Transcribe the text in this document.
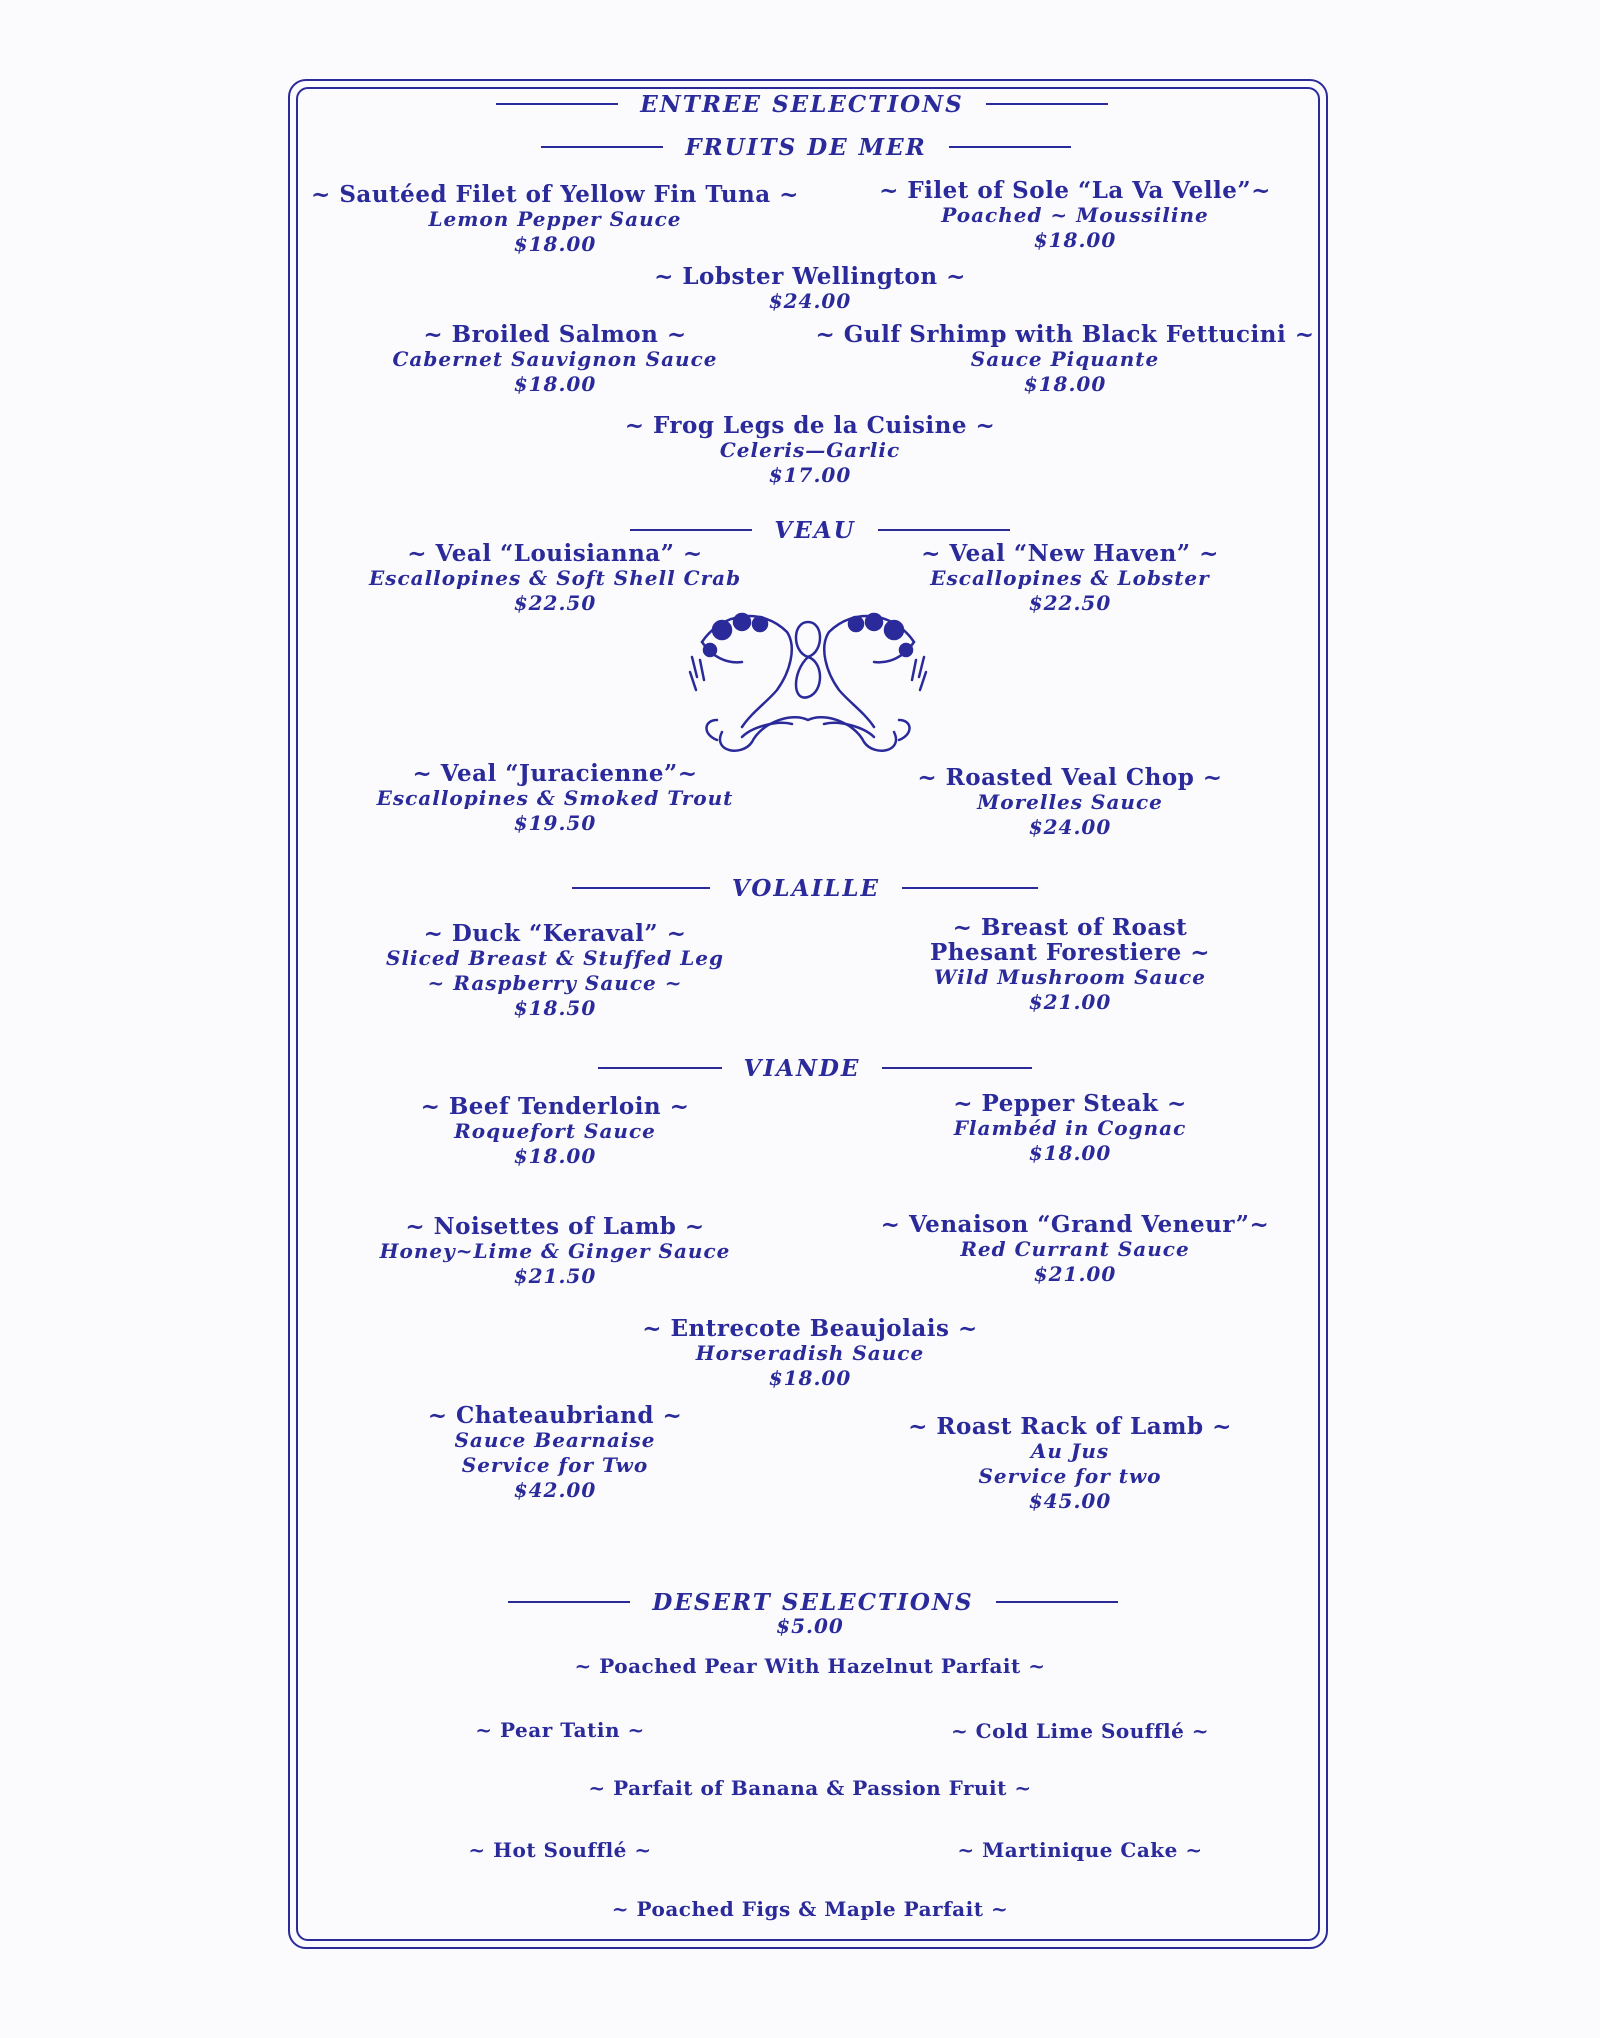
ENTREE SELECTIONS
FRUITS DE MER
~ Sautéed Filet of Yellow Fin Tuna ~
Lemon Pepper Sauce
$18.00
~ Filet of Sole “La Va Velle”~
Poached ~ Moussiline
$18.00
~ Lobster Wellington ~
$24.00
~ Broiled Salmon ~
Cabernet Sauvignon Sauce
$18.00
~ Gulf Srhimp with Black Fettucini ~
Sauce Piquante
$18.00
~ Frog Legs de la Cuisine ~
Celeris—Garlic
$17.00
VEAU
~ Veal “Louisianna” ~
Escallopines & Soft Shell Crab
$22.50
~ Veal “New Haven” ~
Escallopines & Lobster
$22.50
~ Veal “Juracienne”~
Escallopines & Smoked Trout
$19.50
~ Roasted Veal Chop ~
Morelles Sauce
$24.00
VOLAILLE
~ Duck “Keraval” ~
Sliced Breast & Stuffed Leg
~ Raspberry Sauce ~
$18.50
~ Breast of Roast
Phesant Forestiere ~
Wild Mushroom Sauce
$21.00
VIANDE
~ Beef Tenderloin ~
Roquefort Sauce
$18.00
~ Pepper Steak ~
Flambéd in Cognac
$18.00
~ Noisettes of Lamb ~
Honey~Lime & Ginger Sauce
$21.50
~ Venaison “Grand Veneur”~
Red Currant Sauce
$21.00
~ Entrecote Beaujolais ~
Horseradish Sauce
$18.00
~ Chateaubriand ~
Sauce Bearnaise
Service for Two
$42.00
~ Roast Rack of Lamb ~
Au Jus
Service for two
$45.00
DESERT SELECTIONS
$5.00
~ Poached Pear With Hazelnut Parfait ~
~ Pear Tatin ~	~ Cold Lime Soufflé ~
~ Parfait of Banana & Passion Fruit ~
~ Hot Soufflé ~	~ Martinique Cake ~
~ Poached Figs & Maple Parfait ~
